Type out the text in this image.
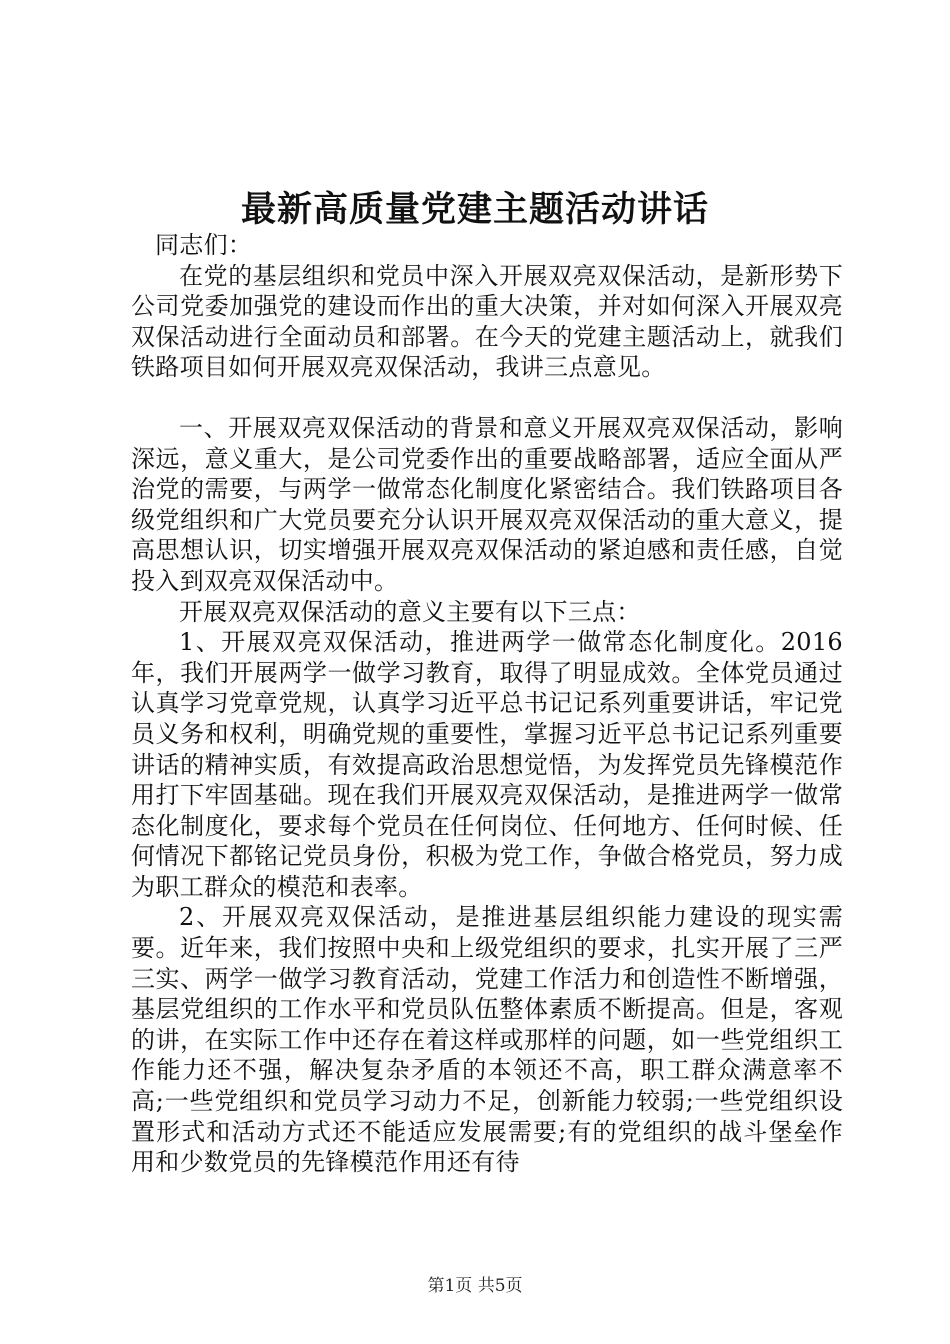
最新高质量党建主题活动讲话

同志们：

在党的基层组织和党员中深入开展双亮双保活动，是新形势下公司党委加强党的建设而作出的重大决策，并对如何深入开展双亮双保活动进行全面动员和部署。在今天的党建主题活动上，就我们铁路项目如何开展双亮双保活动，我讲三点意见。

一、开展双亮双保活动的背景和意义开展双亮双保活动，影响深远，意义重大，是公司党委作出的重要战略部署，适应全面从严治党的需要，与两学一做常态化制度化紧密结合。我们铁路项目各级党组织和广大党员要充分认识开展双亮双保活动的重大意义，提高思想认识，切实增强开展双亮双保活动的紧迫感和责任感，自觉投入到双亮双保活动中。

开展双亮双保活动的意义主要有以下三点：

1、开展双亮双保活动，推进两学一做常态化制度化。2016年，我们开展两学一做学习教育，取得了明显成效。全体党员通过认真学习党章党规，认真学习近平总书记记系列重要讲话，牢记党员义务和权利，明确党规的重要性，掌握习近平总书记记系列重要讲话的精神实质，有效提高政治思想觉悟，为发挥党员先锋模范作用打下牢固基础。现在我们开展双亮双保活动，是推进两学一做常态化制度化，要求每个党员在任何岗位、任何地方、任何时候、任何情况下都铭记党员身份，积极为党工作，争做合格党员，努力成为职工群众的模范和表率。

2、开展双亮双保活动，是推进基层组织能力建设的现实需要。近年来，我们按照中央和上级党组织的要求，扎实开展了三严三实、两学一做学习教育活动，党建工作活力和创造性不断增强，基层党组织的工作水平和党员队伍整体素质不断提高。但是，客观的讲，在实际工作中还存在着这样或那样的问题，如一些党组织工作能力还不强，解决复杂矛盾的本领还不高，职工群众满意率不高;一些党组织和党员学习动力不足，创新能力较弱;一些党组织设置形式和活动方式还不能适应发展需要;有的党组织的战斗堡垒作用和少数党员的先锋模范作用还有待

第1页 共5页
